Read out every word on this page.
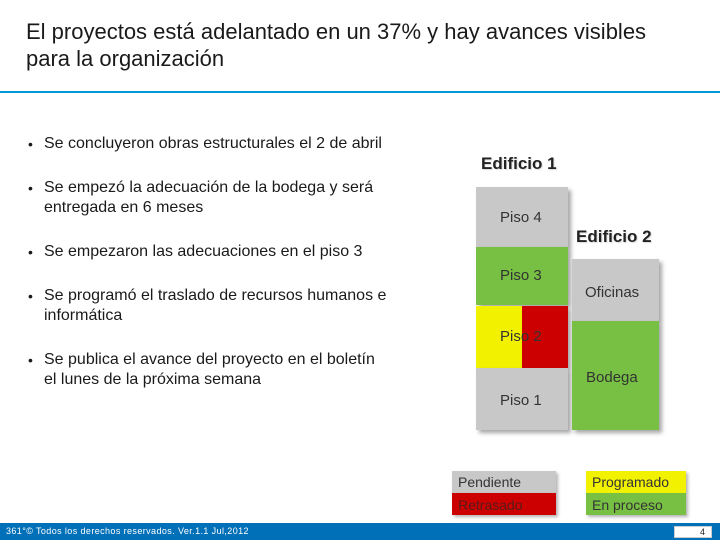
El proyectos está adelantado en un 37% y hay avances visibles para la organización
• Se concluyeron obras estructurales el 2 de abril
• Se empezó la adecuación de la bodega y será entregada en 6 meses
• Se empezaron las adecuaciones en el piso 3
• Se programó el traslado de recursos humanos e informática
• Se publica el avance del proyecto en el boletín el lunes de la próxima semana
Edificio 1
Piso 4
Piso 3
Piso 2
Piso 1
Edificio 2
Oficinas
Bodega
Pendiente
Retrasado
Programado
En proceso
361°© Todos los derechos reservados. Ver.1.1 Jul,2012	4
